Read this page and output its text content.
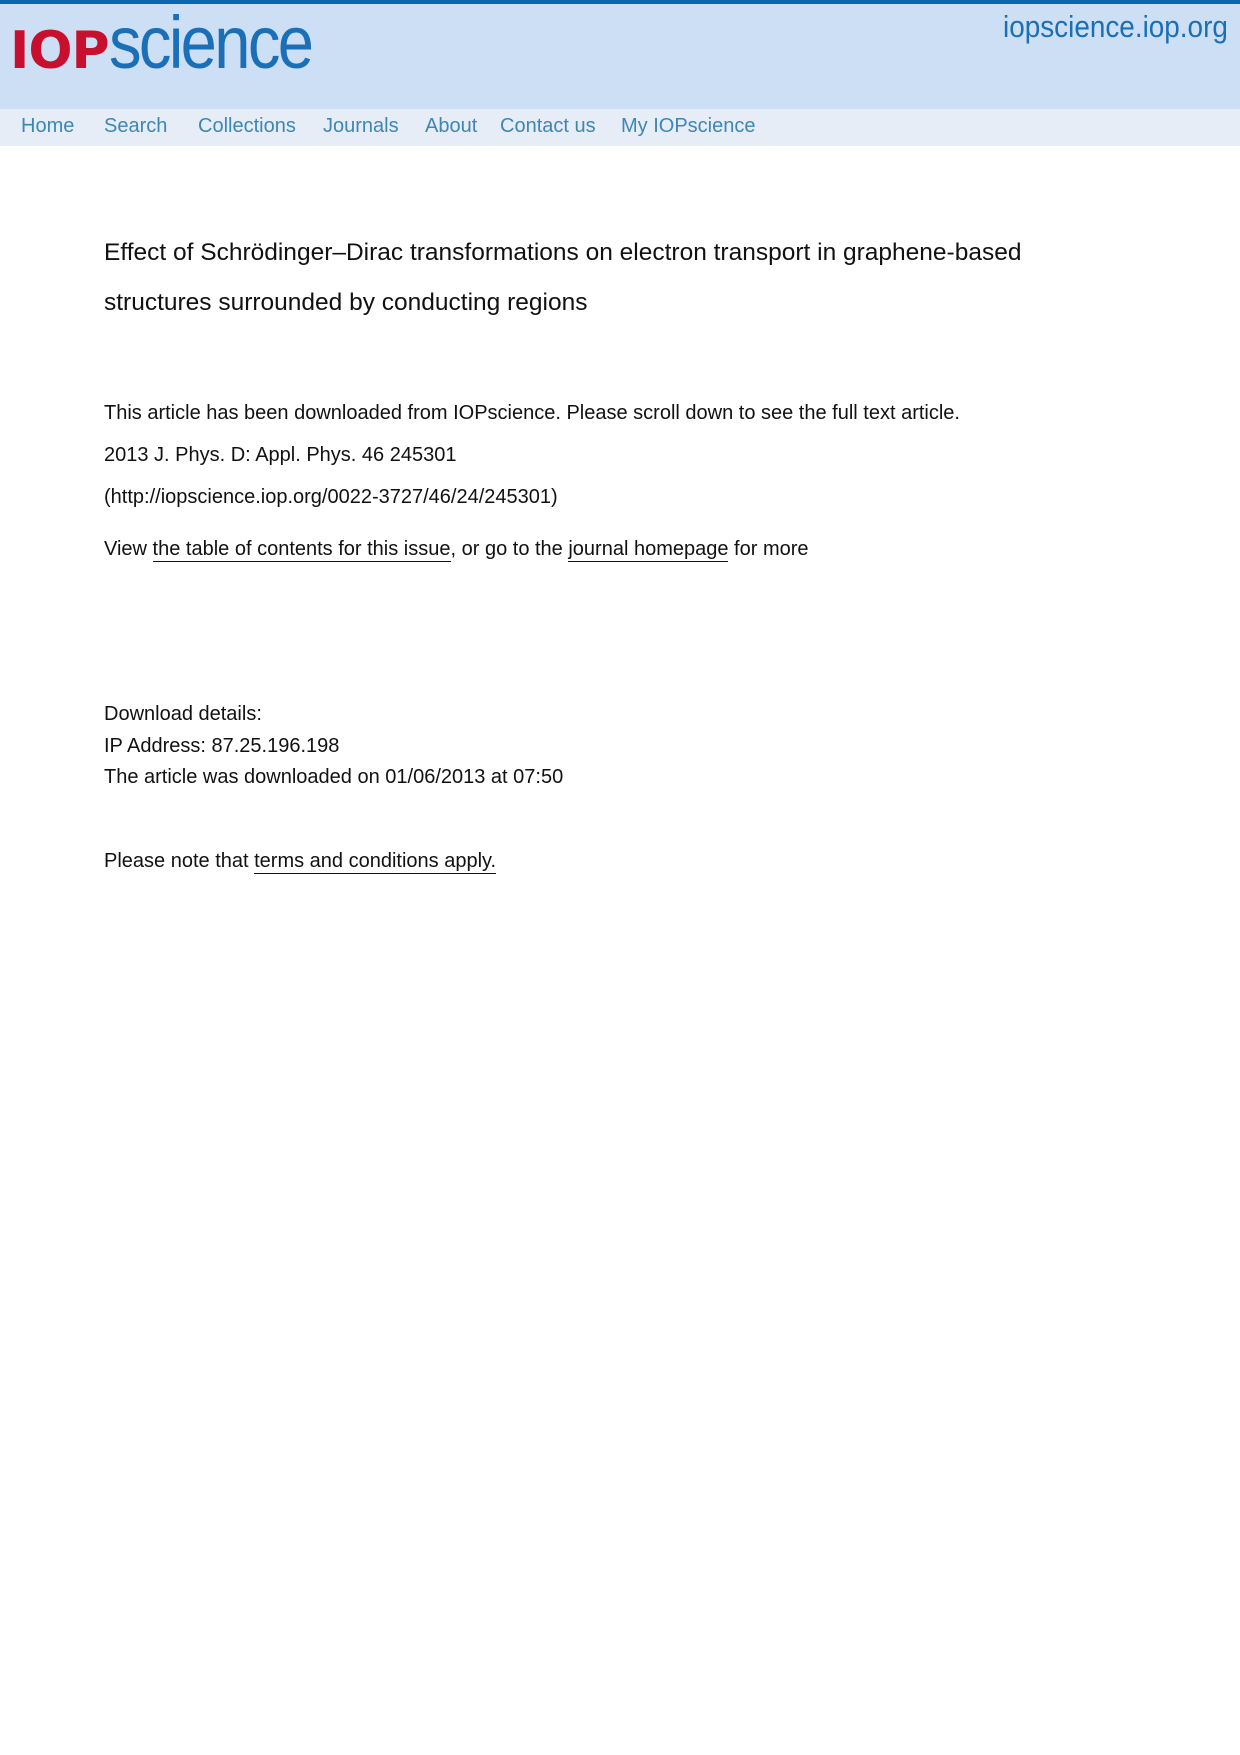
IOP science	iopscience.iop.org
Home Search Collections Journals About Contact us My IOPscience
Effect of Schrödinger–Dirac transformations on electron transport in graphene-based structures surrounded by conducting regions
This article has been downloaded from IOPscience. Please scroll down to see the full text article.
2013 J. Phys. D: Appl. Phys. 46 245301
(http://iopscience.iop.org/0022-3727/46/24/245301)
View the table of contents for this issue, or go to the journal homepage for more
Download details:
IP Address: 87.25.196.198
The article was downloaded on 01/06/2013 at 07:50
Please note that terms and conditions apply.
